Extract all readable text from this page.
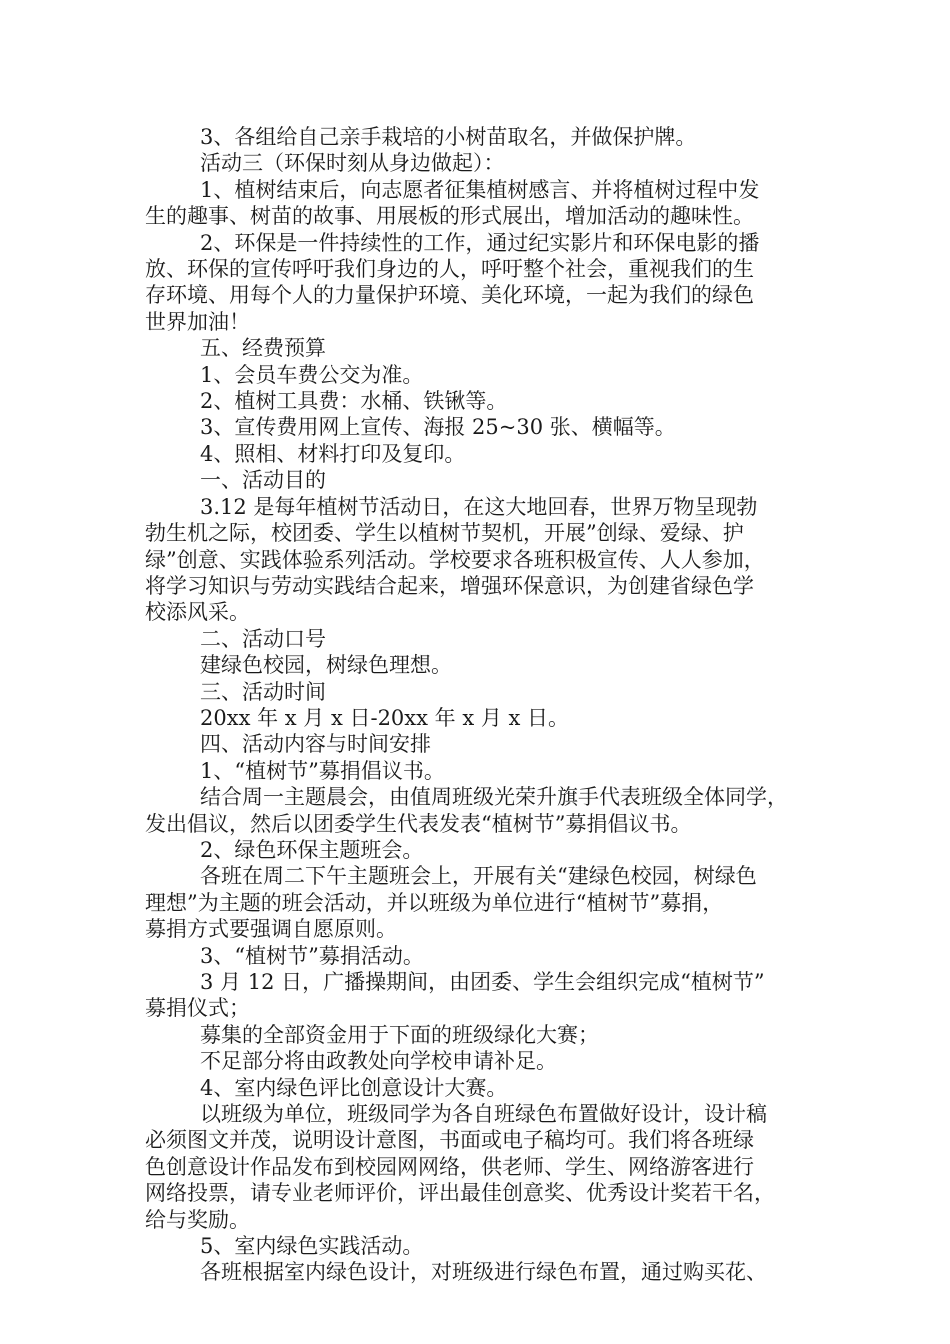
3、各组给自己亲手栽培的小树苗取名，并做保护牌。

活动三（环保时刻从身边做起）：

1、植树结束后，向志愿者征集植树感言、并将植树过程中发

生的趣事、树苗的故事、用展板的形式展出，增加活动的趣味性。

2、环保是一件持续性的工作，通过纪实影片和环保电影的播

放、环保的宣传呼吁我们身边的人，呼吁整个社会，重视我们的生

存环境、用每个人的力量保护环境、美化环境，一起为我们的绿色

世界加油！

五、经费预算

1、会员车费公交为准。

2、植树工具费：水桶、铁锹等。

3、宣传费用网上宣传、海报 25~30 张、横幅等。

4、照相、材料打印及复印。

一、活动目的

3.12 是每年植树节活动日，在这大地回春，世界万物呈现勃

勃生机之际，校团委、学生以植树节契机，开展”创绿、爱绿、护

绿”创意、实践体验系列活动。学校要求各班积极宣传、人人参加，

将学习知识与劳动实践结合起来，增强环保意识，为创建省绿色学

校添风采。

二、活动口号

建绿色校园，树绿色理想。

三、活动时间

20xx 年 x 月 x 日-20xx 年 x 月 x 日。

四、活动内容与时间安排

1、“植树节”募捐倡议书。

结合周一主题晨会，由值周班级光荣升旗手代表班级全体同学，

发出倡议，然后以团委学生代表发表“植树节”募捐倡议书。

2、绿色环保主题班会。

各班在周二下午主题班会上，开展有关“建绿色校园，树绿色

理想”为主题的班会活动，并以班级为单位进行“植树节”募捐，

募捐方式要强调自愿原则。

3、“植树节”募捐活动。

3 月 12 日，广播操期间，由团委、学生会组织完成“植树节”

募捐仪式；

募集的全部资金用于下面的班级绿化大赛；

不足部分将由政教处向学校申请补足。

4、室内绿色评比创意设计大赛。

以班级为单位，班级同学为各自班绿色布置做好设计，设计稿

必须图文并茂，说明设计意图，书面或电子稿均可。我们将各班绿

色创意设计作品发布到校园网网络，供老师、学生、网络游客进行

网络投票，请专业老师评价，评出最佳创意奖、优秀设计奖若干名，

给与奖励。

5、室内绿色实践活动。

各班根据室内绿色设计，对班级进行绿色布置，通过购买花、
